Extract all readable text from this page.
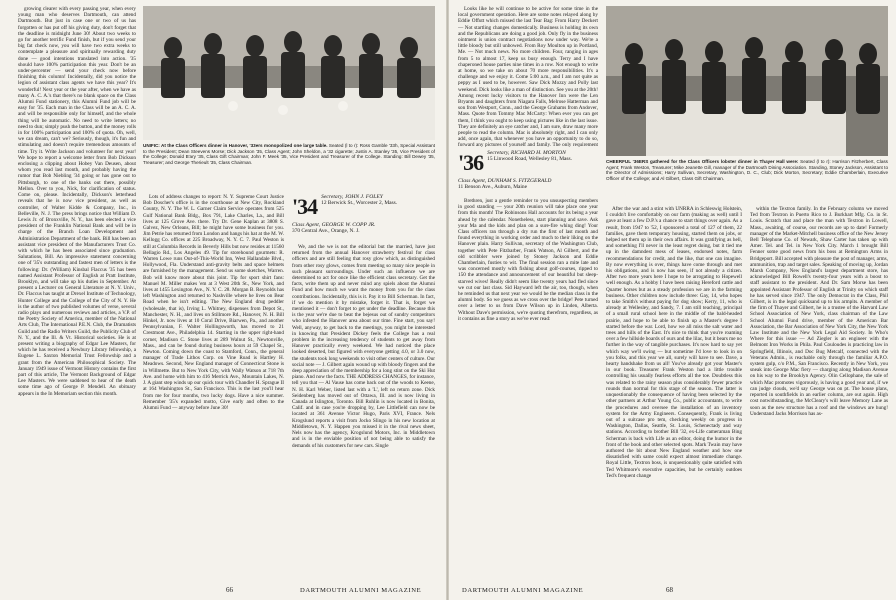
growing clearer with every passing year, when every young man who deserves Dartmouth, can attend Dartmouth. But just in case one or two of us has forgotten or has put off his giving duty, don't forget that the deadline is midnight June 30! About two weeks to go for another terrific Fund finish, but if you send your big fat check now, you will have two extra weeks to contemplate a pleasure and spiritually rewarding duty done — good intentions translated into action. '35 should have 100% participation this year. Don't be an under-percenter — send your check now before finishing this column! Incidentally, did you notice the legion of assistant class agents we have this year? It's wonderful! Next year or the year after, when we have as many A. C. A.'s that there's no blank space on the Class Alumni Fund stationery, this Alumni Fund job will be easy for '35. Each man in the Class will be an A. C. A. and will be responsible only for himself, and the whole thing will be automatic. No need to write letters; no need to dun; simply push the button, and the money rolls in for 100% participation and 100% of quota. Oh, well, we can dream, can't we? Seriously, though, it's fun and stimulating and doesn't require tremendous amounts of time. Try it. Write Jackson and volunteer for next year! We hope to report a welcome letter from Bob Dickson enclosing a clipping about Hobey Van Deusen, about whom you read last month, and probably having the rumor that Bob Niebling '34 going or has gone out to Pittsburgh, to one of the banks out there, possibly Mellon. Over to you, Nick, for clarification of status. Come on, please. Incidentally, Dickson's letterhead reveals that he is now vice president, as well as controller, of Walter Kidde & Company, Inc., in Belleville, N. J. The press brings notice that William D. Lewis Jr. of Bronxville, N. Y., has been elected a vice president of the Franklin National Bank and will be in charge of the Branch Loan Development and Administration Department of the bank. Bill has been an assistant vice president of the Manufacturers Trust Co. with which he has been associated since graduation. Salutations, Bill. An impressive statement concerning one of '35's outstanding and fastest men of letters is the following: Dr. (William) Kinsbal Flaccus '35 has been named Assistant Professor of English at Pratt Institute, Brooklyn, and will take up his duties in September. At present a Lecturer on General Literature at N. Y. Univ., Dr. Flaccus has taught at Drexel Institute of Technology, Hunter College and the College of the City of N. Y. He is the author of two published volumes of verse, several radio plays and numerous reviews and articles, a V.P. of the Poetry Society of America, member of the National Arts Club, The International P.E.N. Club, the Dramatists Guild and the Radio Writers Guild, the Publicity Club of N. Y., and the Ill. & Vt. Historical societies. He is at present writing a biography of Edgar Lee Masters, for which he has received a Newbury Library fellowship, a Eugene L. Saxton Memorial Trust Fellowship and a grant from the American Philosophical Society. The January 1949 issue of Vermont History contains the first part of this article, The Vermont Background of Edgar Lee Masters. We were saddened to hear of the death some time ago of George P. Mendell. An obituary appears in the In Memoriam section this month.

UNIFIC: At the Class Officers dinner in Hanover, '33ers monopolized one large table. Seated (l to r): Ross Gamble '33h, Special Assistant to the President; Dean Steevens Morse; Dick Jackson '35, Class Agent; John Sheldon, a '32 cigarette; Justin A. Stanley '35, Vice President of the College; Donald B'ary '35, Class Gift Chairman; John F. Meek '35, Vice President and Treasurer of the College. Standing: Bill Dewey '35, Treasurer; and George Therieult '35, Class Chairman.

Lots of address changes to report: N. Y. Supreme Court Justice Bob Doscher's office is in the courthouse at New City, Rockland County, N. Y. The W. L. Garner Claim Service operates from 525 Gulf National Bank Bldg., Box 791, Lake Charles, La., and Bill lives at 125 Grove Ave. there. Try Dr. Gene Kaplan at 3808 S. Galvez, New Orleans, Bill; he might have some business for you. Jim Petrie has returned from London and hangs his hat at the M. W. Kellogg Co. offices at 225 Broadway, N. Y. C. 7. Paul Weston is still at Columbia Records in Beverly Hills but now resides at 11560 Bellagio Rd., Los Angeles 49. Tip for storehound gourmets: R. Warren Lowe runs Out-of-This-World Inn, West Hallandale Blvd., Hollywood, Fla. Understand anti-gravity belts and space helmets are furnished by the management. Send us some sketches, Warren. Bob will know more about this joint. Tip for sport shirt fans: Manuel M. Miller makes 'em at 3 West 20th St., New York, and lives at 1455 Lexington Ave., N. Y. C. 28. Morgan B. Reynolds has left Washington and returned to Nashville where he lives on Bear Road when he isn't editing. The New England drug peddler (wholesale, that is), Irving L. Whitney, dispenses from Depot St., Manchester, N. H., and lives on Stillmore Rd., Hanover, N. H. Bill Hinkel, Jr. now lives at 10 Coral Drive, Biarwen, Pa., and another Pennsylvanian, F. Walter Hollingsworth, has moved to 21 Crestmont Ave., Philadelphia 14. Starting in the upper right-hand corner, Madison C. Stone lives at 289 Walnut St., Newtonville, Mass., and can be found during business hours at 59 Chapel St., Newton. Coming down the coast to Stamford, Conn., the general manager of Trade Lithos Corp. on Vine Road is Hartley H. Meadows. Second, New England manager of Connecticut Stone is in Willmette. But to New York City, with Wally Watson at 718 7th Ave. and home with him to 416 Merrick Ave., Mountain Lakes, N. J. A giant step winds up our quick tour with Chandler H. Sprague II at 164 Washington St., San Francisco. This is the last you'll hear from me for four months, two lucky dogs. Have a nice summer. Remember '35's expanded motto, Give early and often to the Alumni Fund — anyway before June 30!

'34 Secretary, JOHN J. FOLEY
12 Berwick St., Worcester 2, Mass.
Class Agent, GEORGE W. COPP JR.
370 Central Ave., Orange, N. J.

We, and the we is not the editorial but the married, have just returned from the annual Hanover strawberry festival for class officers and are still feeling that rosy glow which, as distinguished from other rosy glows, comes from meeting so many nice people in such pleasant surroundings. Under such an influence we are determined to act for once like the efficient class secretary. Get the facts, write them up and never mind any spiels about the Alumni Fund and how much we want the money from you for the class contributions. Incidentally, this is it. Pay it to Bill Scherman. In fact, if we do mention it by mistake, forget it. That is, forget we mentioned it — don't forget to get under the deadline. Because this is the year we're due to beat the bejesus out of sundry competitors who infested the Hanover area about our time. Fine start, you say! Well, anyway, to get back to the meetings, you might be interested in knowing that President Dickey feels the College has a real problem in the increasing tendency of students to get away from Hanover practically every weekend. We had noticed the place looked deserted, but figured with everyone getting 4.0, or 3.0 now, the students took long weekends to visit other centers of culture. Our social note — J. Gilbert again wound up with bloody fingers and the deep appreciation of the membership for a long stint on the Ski Hut piano. And now the facts. THE ADDRESS CHANGES, for instance, tell you that — Al Vause has come back out of the woods to Keene, N. H. Karl Weber, listed last with a 'L', left no return zone. Dick Seidenberg has moved out of Ottawa, Ill. and is now living in Canada at Islington, Toronto. Bill Ruhlin is now located in Bonita, Calif. and in case you're dropping by, Lee Littlefield can now be located at 361 Avenue Victor Hugo, Paris XVI, France. Nels Krogslund reports a visit from Jocko Slingo in his new location at Middletown, N. Y. Happen you missed it in the rival news sheet, Nels now has the agency, Krogslund Motors, Inc. in Middletown and is in the enviable position of not being able to satisfy the demands of his customers for new cars. Single

66	DARTMOUTH ALUMNI MAGAZINE

Looks like he will continue to be active for some time in the local government operation. Here are some notes relayed along by Eddie Offutt which missed the last Tear Bag: From Harry Deckert — Not startling changes domestically. Business is holding its own and the Republicans are doing a good job. Only fly in the business ointment is union contract negotiations now under way. We're a little bloody but still unbowed. From Roy Moulton up in Portland, Me. — Not much news. No more children. Four, ranging in ages from 5 to almost 17, keep us busy enough. Terry and I have chaperoned house parties nine times in a row. Not enough to write at home, so we take on about 70 more responsibilities. It's a challenge and we enjoy it. Come 5:00 a.m., and I am not quite as peppy as I used to be, however. Saw Dick Mozzy and Polly last weekend. Dick looks like a man of distinction. See you at the 20th! Among recent lucky visitors to the Hanover Inn were the Len Bryants and daughters from Niagara Falls, Melrose Hatterman and son from Westport, Conn., and the George Grahams from Andover, Mass. Quote from Tommy Mac McCarty: When ever you can get them, I think you ought to keep using pictures like in the last issue. They are definitely an eye catcher and, I am sure, draw many more people to read the column. Mac is absolutely right, and I can only add, once again, that whenever you have an opportunity to do so, forward any pictures of yourself and family. The only requirement

CHEERFUL '36ERS gathered for the Class Officers lobster dinner in Thayer Hall were: Seated (l to r): Harrison Fitzherbert, Class Agent; Frank Weston, Treasurer; Mike Jeanette Gill, manager of the Dartmouth Dining Association. Standing, Stoney Jackson, Assistant to the Director of Admissions; Harry Sullivan, Secretary, Washington, D. C., Club; Dick Morton, Secretary; Eddie Chamberlain, Executive Officer of the College; and Al Gilbert, Class Gift Chairman.
'36 Secretary, RICHARD H. MORTON
15 Linwood Road, Wellesley 81, Mass.
Class Agent, DUNHAM S. FITZGERALD
11 Benson Ave., Auburn, Maine

Brethren, just a gentle reminder to you unsuspecting members in good standing — your 20th reunion will take place one year from this month! The Robinsons Hall accounts for its being a year ahead by the calendar. Nonetheless, start planning and save. Ask your Ma and the kids and plan on a sure-fire whing ding! Your Class officers ran through a dry run the first of last month and found everything in working order and much to their liking on the Hanover plain. Harry Sullivan, secretary of the Washington Club, together with Pete Fitzbarber, Frank Watson, Al Gilbert, and the old scribbler were joined by Stoney Jackson and Eddie Chamberlain, fusties to wit. The final session ran a mite late and was concerned mostly with fishing about golf-courses, ripped to 150 the attendance and announcement of our beautiful but sleep-starved wives! Really didn't seem like twenty years had fled since we cut our last class. Sid Hayward left the air, too, though, when he reminded us that next year we would be the median class in the alumni body. So we guess as we cross over the bridge! Pete turned over a letter to us from Dave Wilson up in Linden, Alberta. Without Dave's permission, we're quoting therefrom, regardless, as it contains as fine a story as we've ever read:

After the war and a stint with UNRRA in Schleswig Holstein, I couldn't live comfortably on our farm (making as well) until I gave at least a few D.P.'s a chance to start things over again. As a result, from 1947 to '52, I sponsored a total of 127 of them, 22 families, gave them temporary housing, started them on jobs, or helped set them up in their own affairs. It was gratifying as hell, and something I'll never in the least regret doing, but it tied me up in the damndest mess of leases, endorsed notes, farm recommendations for credit, and the like, that one can imagine. By now everything is over, things have come through and met his obligations, and is now has seen, if not already a citizen. After two more years here I hope to be arrogating to Hopewell well enough. As a hobby I have been raising Hereford cattle and Quarter horses but as a steady profession we are in the farming business. Other children now include three: Gay, 14, who hopes to take Smith's without paying for dog show; Kerry, 11, who is already at Wellesley, and Sandy, 7. I am still teaching, principal of a small rural school here in the middle of the bald-headed prairie, and hope to be able to finish up a Master's degree I started before the war. Lord, how we all miss the salt water and trees and hills of the East. It's nice to think that you're roaming over a few hillside boards of ours and the lilac, but it bears me no further in the way of tangible purchases. It's now hard to say yet which way we'll swing — but sometime I'd love to look in on you folks, and this year we all, surely will have to see. Dave, a hearty handshake from us all! You've already got your Master's in our book. Treasurer Frank Weston had a little trouble controlling his usually fearless efforts all the toe. Doubtless this was related to the rainy season plus considerably fewer practice rounds than normal for this stage of the season. The latter is unquestionably the consequence of having been selected by the other partners at Arthur Young Co., public accountants, to write the procedures and oversee the installation of an inventory system for the Army Engineers. Consequently, Frank is living out of a suitcase pro tem, checking weekly on progress in Washington, Dallas, Seattle, St. Louis, Schenectady and way stations. According to brother Bill '32, ex-Life cameraman Bing Scherman is back with Life as an editor, doing the humor in the front of the book and other selected spots. Mark Twain may have authored the bit about New England weather and how one dissatisfied with same could expect almost immediate change. Royal Little, Textron boss, is unquestionably quite satisfied with Ted Whitmore's executive capacities, but he certainly outdoes Ted's frequent change

within the Textron family. In the February column we moved Ted from Textron in Puerto Rico to J. Burkhart Mfg. Co. in St. Louis. Scratch that and place the man with Textron in Lowell, Mass., awaiting, of course, our records are up to date! Formerly manager of the Market-Mitchell business office of the New Jersey Bell Telephone Co. of Newark, Shaw Carter has taken up with Amer. Tel. and Tel. in New York City. March 1 brought Bill Fenner some good news from his boss at Remington Arms in Bridgeport. Bill accepted with pleasure the post of manager, arms, ammunition, trap and target sales. Speaking of moving up, Jordan Marsh Company, New England's largest department store, has acknowledged Bill Rowell's twenty-four years with a boost to staff assistant to the president. And Dr. Sam Morse has been appointed Assistant Professor of English at Trinity on which staff he has served since 1947. The only Democrat in the Class, Phil Gilbert, is in the legal quicksand up to his armpits. A member of the firm of Thayer and Gilbert, he is a trustee of the Harvard Law School Association of New York, class chairman of the Law School Alumni Fund drive, member of the American Bar Association, the Bar Association of New York City, the New York Law Institute and the New York Legal Aid Society. In Who's Where for this issue — Ad Ziegler is an engineer with the Belmont Iron Works in Phila. Paul Couloudes is practicing law in Springfield, Illinois, and Doc Bug Metcalf, connected with the Veterans Admin., is reachable only through the familiar A.P.O. system gulp, c/o P.M., San Francisco. Recently in New York, you sneak into George Mac fiery — charging along Madison Avenue on his way to the Brooklyn Agency. Olin Cellophane, the sale of which Mac promotes vigorously, is having a good year and, if we can judge clouds, we'd say George was on pt. The house plans, reported in southfields in an earlier column, are out again. High cost notwithstanding, the McCleary's will leave Memory Lane as soon as the new structure has a roof and the windows are hung! Understand Jacks Morrison has as-

DARTMOUTH ALUMNI MAGAZINE	68
